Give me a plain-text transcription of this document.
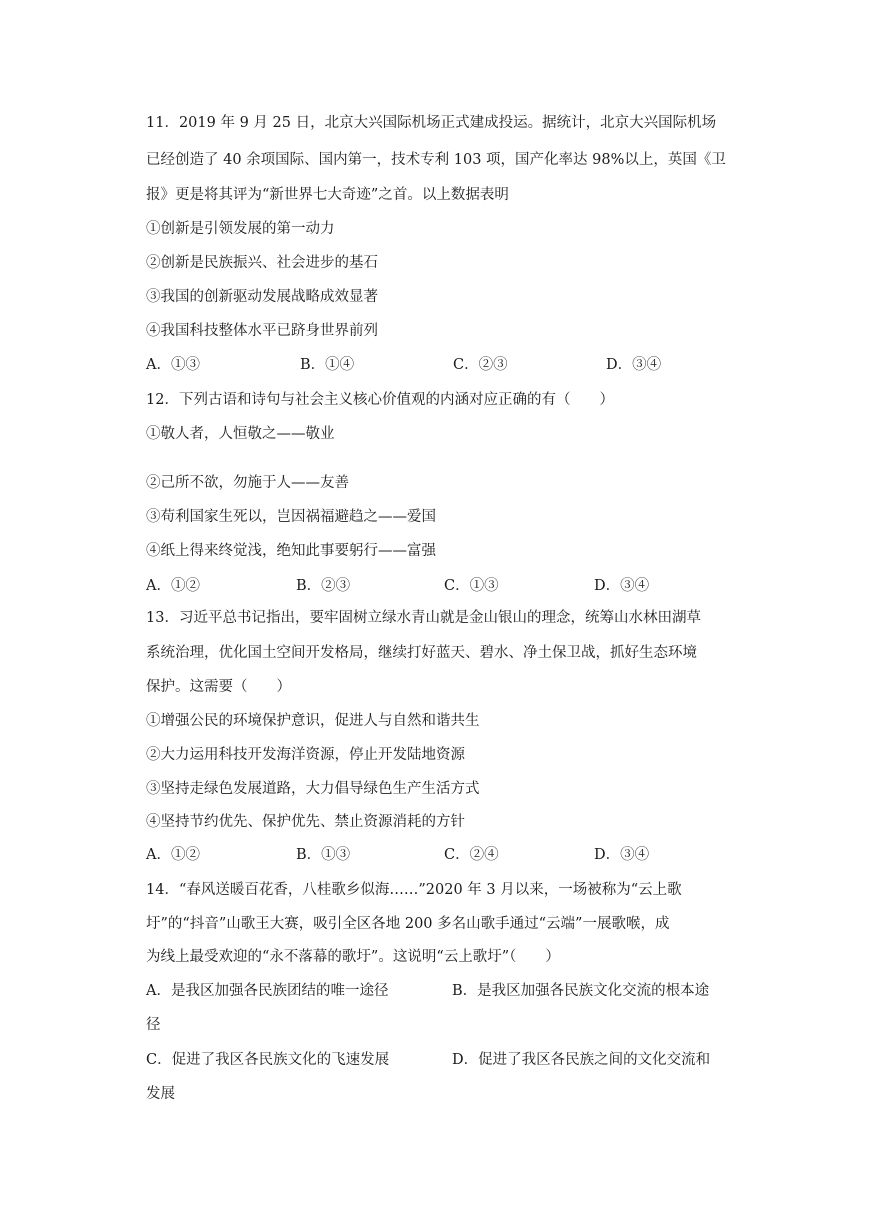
11．2019 年 9 月 25 日，北京大兴国际机场正式建成投运。据统计，北京大兴国际机场
已经创造了 40 余项国际、国内第一，技术专利 103 项，国产化率达 98%以上，英国《卫
报》更是将其评为“新世界七大奇迹”之首。以上数据表明
①创新是引领发展的第一动力
②创新是民族振兴、社会进步的基石
③我国的创新驱动发展战略成效显著
④我国科技整体水平已跻身世界前列
A．①③	B．①④	C．②③	D．③④
12．下列古语和诗句与社会主义核心价值观的内涵对应正确的有（　　）
①敬人者，人恒敬之——敬业
②己所不欲，勿施于人——友善
③苟利国家生死以，岂因祸福避趋之——爱国
④纸上得来终觉浅，绝知此事要躬行——富强
A．①②	B．②③	C．①③	D．③④
13．习近平总书记指出，要牢固树立绿水青山就是金山银山的理念，统筹山水林田湖草
系统治理，优化国土空间开发格局，继续打好蓝天、碧水、净土保卫战，抓好生态环境
保护。这需要（　　）
①增强公民的环境保护意识，促进人与自然和谐共生
②大力运用科技开发海洋资源，停止开发陆地资源
③坚持走绿色发展道路，大力倡导绿色生产生活方式
④坚持节约优先、保护优先、禁止资源消耗的方针
A．①②	B．①③	C．②④	D．③④
14．“春风送暖百花香，八桂歌乡似海……”2020 年 3 月以来，一场被称为“云上歌
圩”的“抖音”山歌王大赛，吸引全区各地 200 多名山歌手通过“云端”一展歌喉，成
为线上最受欢迎的“永不落幕的歌圩”。这说明“云上歌圩”（　　）
A．是我区加强各民族团结的唯一途径	B．是我区加强各民族文化交流的根本途
径
C．促进了我区各民族文化的飞速发展	D．促进了我区各民族之间的文化交流和
发展
